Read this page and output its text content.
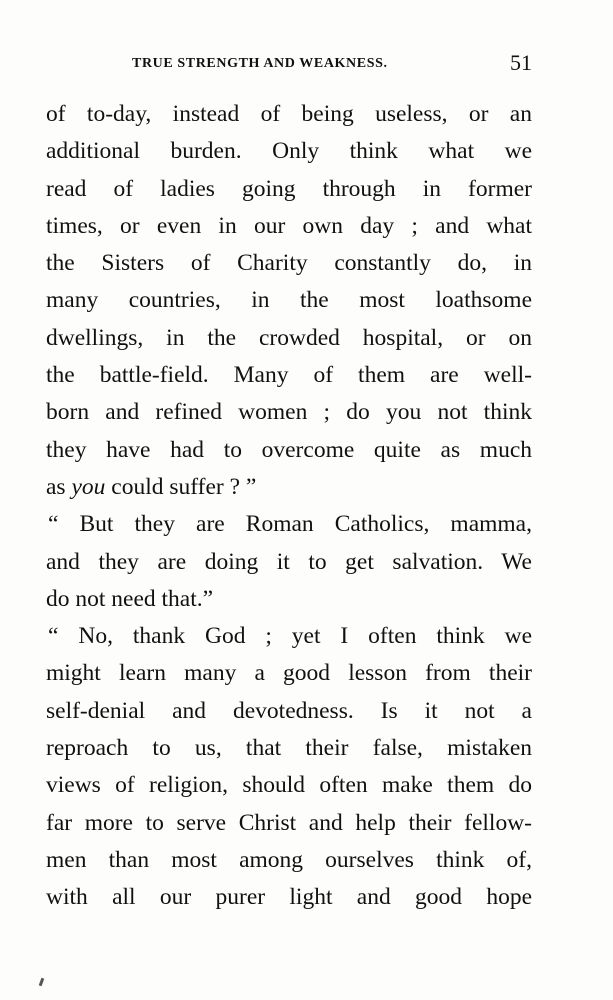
TRUE STRENGTH AND WEAKNESS.	51
of to-day, instead of being useless, or an
additional burden. Only think what we
read of ladies going through in former
times, or even in our own day ; and what
the Sisters of Charity constantly do, in
many countries, in the most loathsome
dwellings, in the crowded hospital, or on
the battle-field. Many of them are well-
born and refined women ; do you not think
they have had to overcome quite as much
as you could suffer ? ”
“ But they are Roman Catholics, mamma,
and they are doing it to get salvation. We
do not need that.”
“ No, thank God ; yet I often think we
might learn many a good lesson from their
self-denial and devotedness. Is it not a
reproach to us, that their false, mistaken
views of religion, should often make them do
far more to serve Christ and help their fellow-
men than most among ourselves think of,
with all our purer light and good hope
